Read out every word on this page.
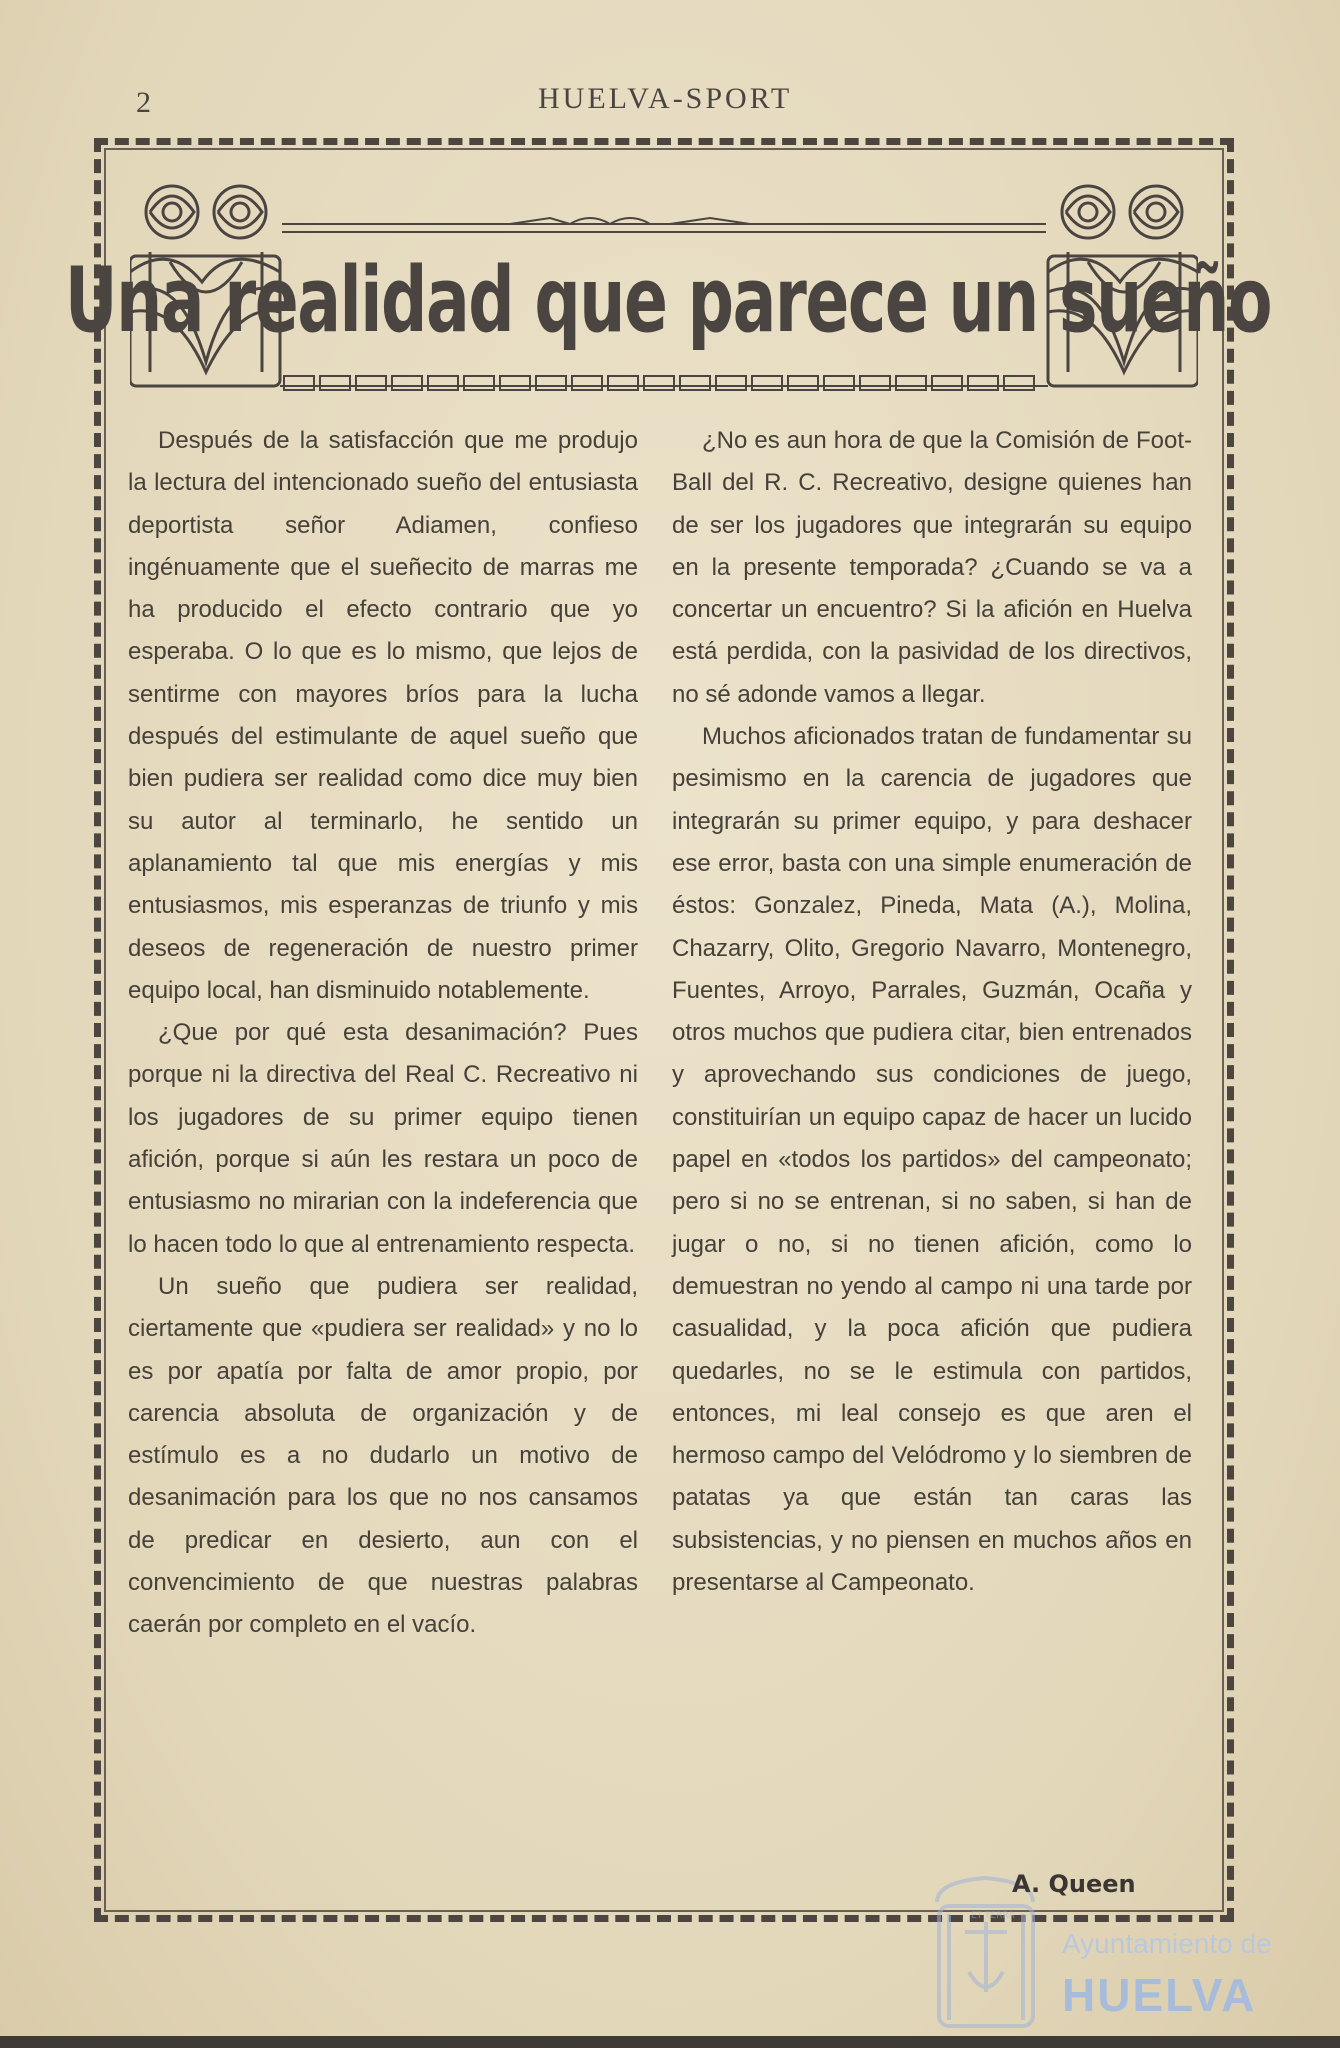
2	HUELVA-SPORT
Una realidad que parece un sueño

Después de la satisfacción que me produjo la lectura del intencionado sueño del entusiasta deportista señor Adiamen, confieso ingénuamente que el sueñecito de marras me ha producido el efecto contrario que yo esperaba. O lo que es lo mismo, que lejos de sentirme con mayores bríos para la lucha después del estimulante de aquel sueño que bien pudiera ser realidad como dice muy bien su autor al terminarlo, he sentido un aplanamiento tal que mis energías y mis entusiasmos, mis esperanzas de triunfo y mis deseos de regeneración de nuestro primer equipo local, han disminuido notablemente.

¿Que por qué esta desanimación? Pues porque ni la directiva del Real C. Recreativo ni los jugadores de su primer equipo tienen afición, porque si aún les restara un poco de entusiasmo no mirarian con la indeferencia que lo hacen todo lo que al entrenamiento respecta.

Un sueño que pudiera ser realidad, ciertamente que «pudiera ser realidad» y no lo es por apatía por falta de amor propio, por carencia absoluta de organización y de estímulo es a no dudarlo un motivo de desanimación para los que no nos cansamos de predicar en desierto, aun con el convencimiento de que nuestras palabras caerán por completo en el vacío.

¿No es aun hora de que la Comisión de Foot-Ball del R. C. Recreativo, designe quienes han de ser los jugadores que integrarán su equipo en la presente temporada? ¿Cuando se va a concertar un encuentro? Si la afición en Huelva está perdida, con la pasividad de los directivos, no sé adonde vamos a llegar.

Muchos aficionados tratan de fundamentar su pesimismo en la carencia de jugadores que integrarán su primer equipo, y para deshacer ese error, basta con una simple enumeración de éstos: Gonzalez, Pineda, Mata (A.), Molina, Chazarry, Olito, Gregorio Navarro, Montenegro, Fuentes, Arroyo, Parrales, Guzmán, Ocaña y otros muchos que pudiera citar, bien entrenados y aprovechando sus condiciones de juego, constituirían un equipo capaz de hacer un lucido papel en «todos los partidos» del campeonato; pero si no se entrenan, si no saben, si han de jugar o no, si no tienen afición, como lo demuestran no yendo al campo ni una tarde por casualidad, y la poca afición que pudiera quedarles, no se le estimula con partidos, entonces, mi leal consejo es que aren el hermoso campo del Velódromo y lo siembren de patatas ya que están tan caras las subsistencias, y no piensen en muchos años en presentarse al Campeonato.

ET TERRA
Ayuntamiento de
HUELVA
A. Queen
